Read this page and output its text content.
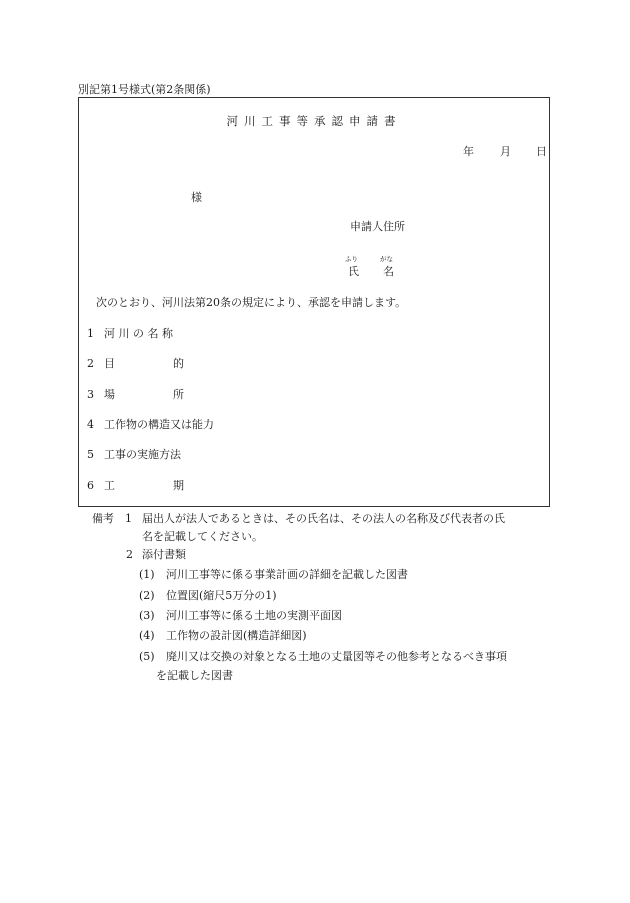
別記第1号様式(第2条関係)
河川工事等承認申請書
年 月 日
様
申請人住所
ふり	がな
氏 名
次のとおり、河川法第20条の規定により、承認を申請します。
1 河 川 の 名 称
2 目	的
3 場	所
4 工作物の構造又は能力
5 工事の実施方法
6 工	期
備考 1 届出人が法人であるときは、その氏名は、その法人の名称及び代表者の氏
名を記載してください。
2 添付書類
(1) 河川工事等に係る事業計画の詳細を記載した図書
(2) 位置図(縮尺5万分の1)
(3) 河川工事等に係る土地の実測平面図
(4) 工作物の設計図(構造詳細図)
(5) 廃川又は交換の対象となる土地の丈量図等その他参考となるべき事項
を記載した図書
